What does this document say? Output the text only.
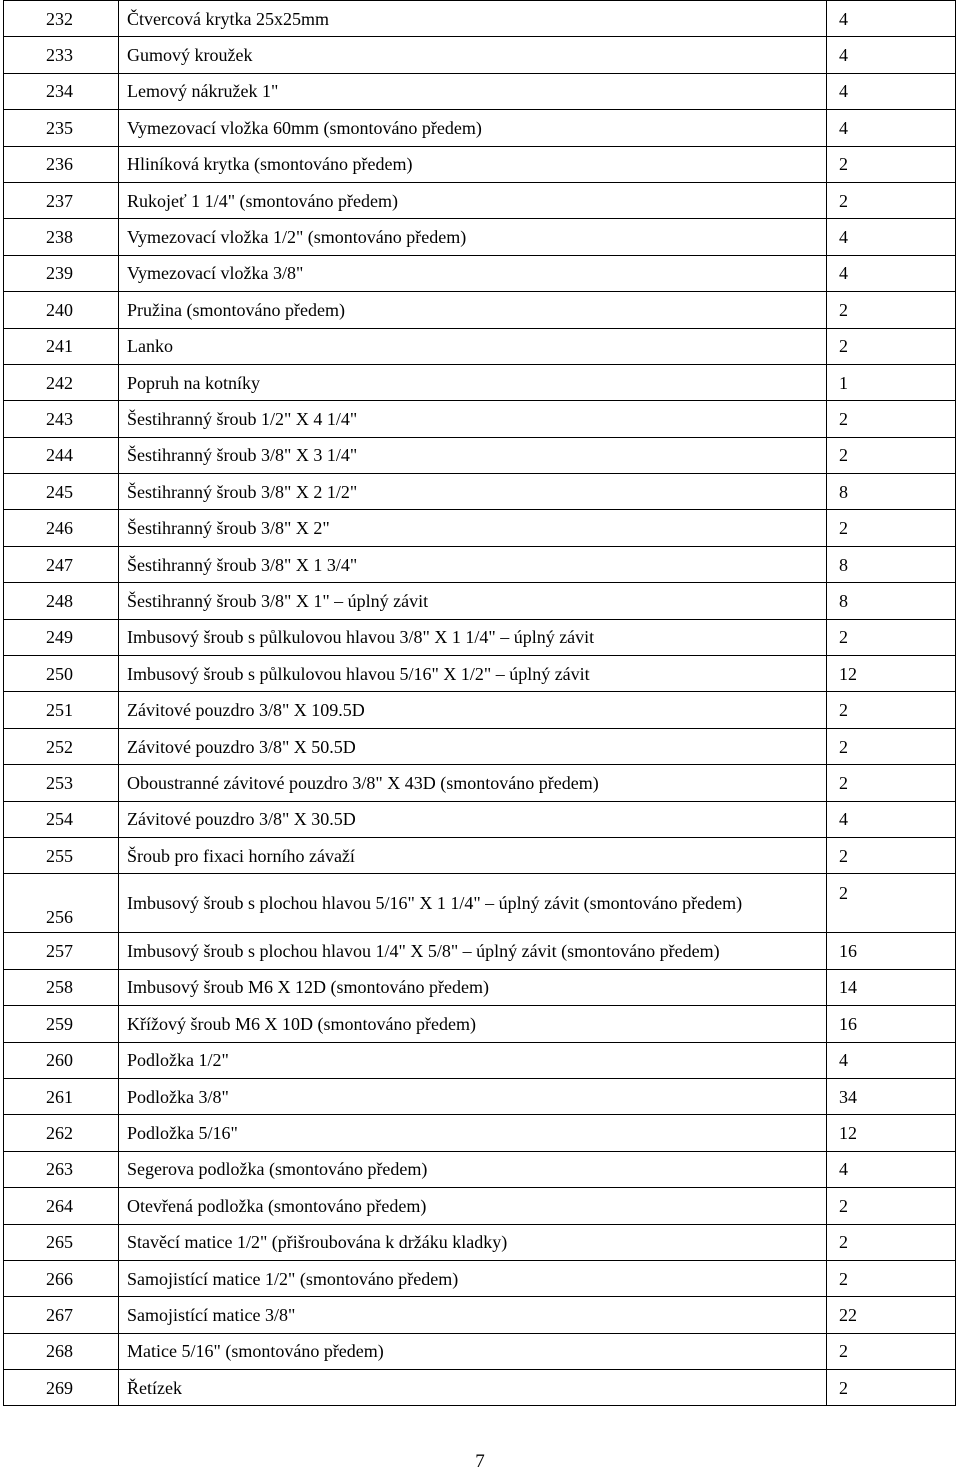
232	Čtvercová krytka 25x25mm	4
233	Gumový kroužek	4
234	Lemový nákružek 1"	4
235	Vymezovací vložka 60mm (smontováno předem)	4
236	Hliníková krytka (smontováno předem)	2
237	Rukojeť 1 1/4" (smontováno předem)	2
238	Vymezovací vložka 1/2" (smontováno předem)	4
239	Vymezovací vložka 3/8"	4
240	Pružina (smontováno předem)	2
241	Lanko	2
242	Popruh na kotníky	1
243	Šestihranný šroub 1/2" X 4 1/4"	2
244	Šestihranný šroub 3/8" X 3 1/4"	2
245	Šestihranný šroub 3/8" X 2 1/2"	8
246	Šestihranný šroub 3/8" X 2"	2
247	Šestihranný šroub 3/8" X 1 3/4"	8
248	Šestihranný šroub 3/8" X 1" – úplný závit	8
249	Imbusový šroub s půlkulovou hlavou 3/8" X 1 1/4" – úplný závit	2
250	Imbusový šroub s půlkulovou hlavou 5/16" X 1/2" – úplný závit	12
251	Závitové pouzdro 3/8" X 109.5D	2
252	Závitové pouzdro 3/8" X 50.5D	2
253	Oboustranné závitové pouzdro 3/8" X 43D (smontováno předem)	2
254	Závitové pouzdro 3/8" X 30.5D	4
255	Šroub pro fixaci horního závaží	2
256	Imbusový šroub s plochou hlavou 5/16" X 1 1/4" – úplný závit (smontováno předem)	2
257	Imbusový šroub s plochou hlavou 1/4" X 5/8" – úplný závit (smontováno předem)	16
258	Imbusový šroub M6 X 12D (smontováno předem)	14
259	Křížový šroub M6 X 10D (smontováno předem)	16
260	Podložka 1/2"	4
261	Podložka 3/8"	34
262	Podložka 5/16"	12
263	Segerova podložka (smontováno předem)	4
264	Otevřená podložka (smontováno předem)	2
265	Stavěcí matice 1/2" (přišroubována k držáku kladky)	2
266	Samojistící matice 1/2" (smontováno předem)	2
267	Samojistící matice 3/8"	22
268	Matice 5/16" (smontováno předem)	2
269	Řetízek	2
7
